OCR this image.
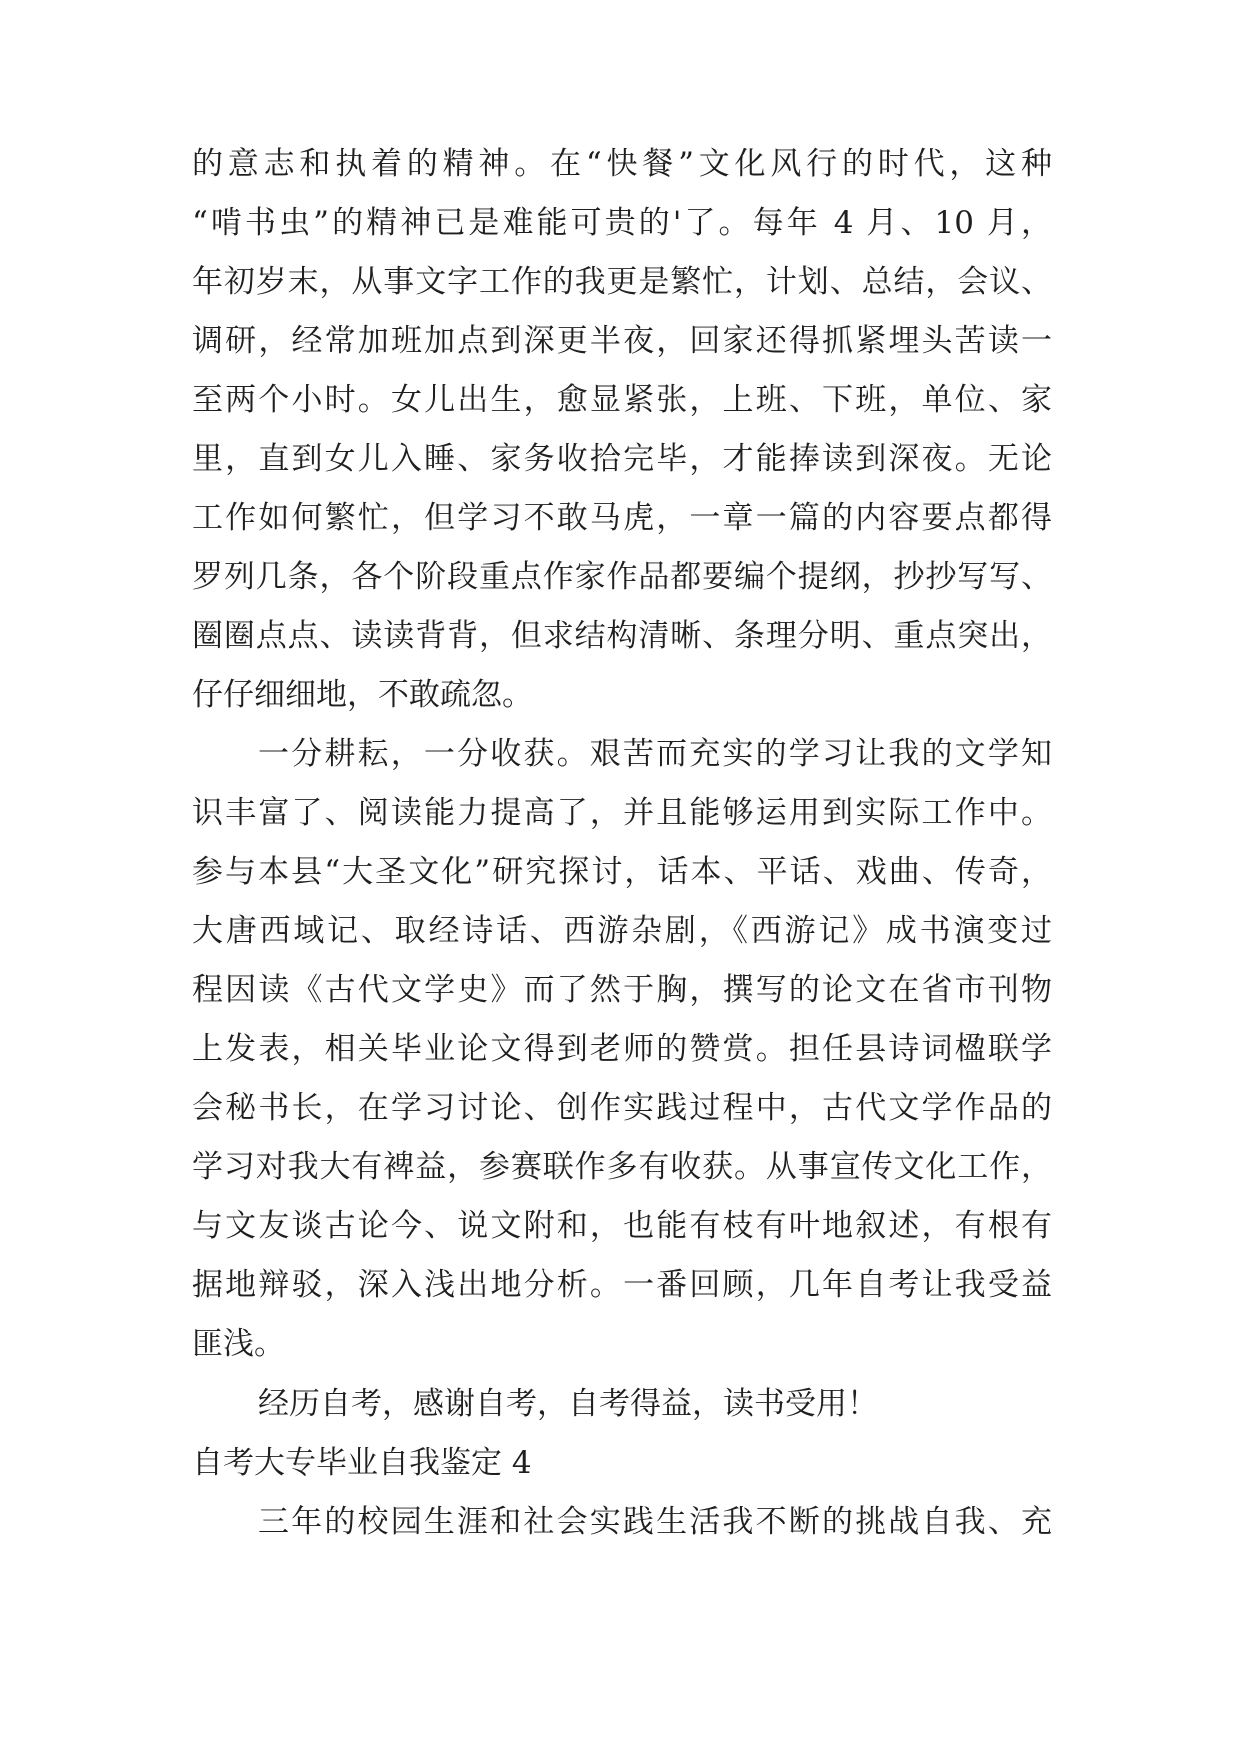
的意志和执着的精神。在“快餐”文化风行的时代，这种
“啃书虫”的精神已是难能可贵的'了。每年 4 月、10 月，
年初岁末，从事文字工作的我更是繁忙，计划、总结，会议、
调研，经常加班加点到深更半夜，回家还得抓紧埋头苦读一
至两个小时。女儿出生，愈显紧张，上班、下班，单位、家
里，直到女儿入睡、家务收拾完毕，才能捧读到深夜。无论
工作如何繁忙，但学习不敢马虎，一章一篇的内容要点都得
罗列几条，各个阶段重点作家作品都要编个提纲，抄抄写写、
圈圈点点、读读背背，但求结构清晰、条理分明、重点突出，
仔仔细细地，不敢疏忽。
一分耕耘，一分收获。艰苦而充实的学习让我的文学知
识丰富了、阅读能力提高了，并且能够运用到实际工作中。
参与本县“大圣文化”研究探讨，话本、平话、戏曲、传奇，
大唐西域记、取经诗话、西游杂剧，《西游记》成书演变过
程因读《古代文学史》而了然于胸，撰写的论文在省市刊物
上发表，相关毕业论文得到老师的赞赏。担任县诗词楹联学
会秘书长，在学习讨论、创作实践过程中，古代文学作品的
学习对我大有裨益，参赛联作多有收获。从事宣传文化工作，
与文友谈古论今、说文附和，也能有枝有叶地叙述，有根有
据地辩驳，深入浅出地分析。一番回顾，几年自考让我受益
匪浅。
经历自考，感谢自考，自考得益，读书受用！
自考大专毕业自我鉴定 4
三年的校园生涯和社会实践生活我不断的挑战自我、充
